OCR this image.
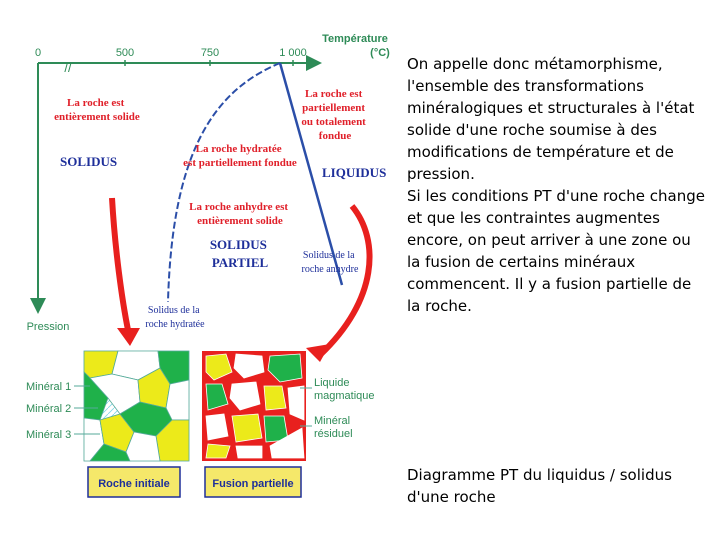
0	500	750	1 000
Température
(°C)
Pression
//
La roche est entièrement solide
SOLIDUS
La roche est partiellement ou totalement fondue
LIQUIDUS
La roche hydratée est partiellement fondue
La roche anhydre est entièrement solide
SOLIDUS PARTIEL	Solidus de la roche anhydre
Solidus de la roche hydratée
Minéral 1
Minéral 2
Minéral 3
Liquide magmatique
Minéral résiduel
Roche initiale	Fusion partielle

On appelle donc métamorphisme, l'ensemble des transformations minéralogiques et structurales à l'état solide d'une roche soumise à des modifications de température et de pression.

Si les conditions PT d'une roche change et que les contraintes augmentes encore, on peut arriver à une zone ou la fusion de certains minéraux commencent. Il y a fusion partielle de la roche.

Diagramme PT du liquidus / solidus d'une roche
